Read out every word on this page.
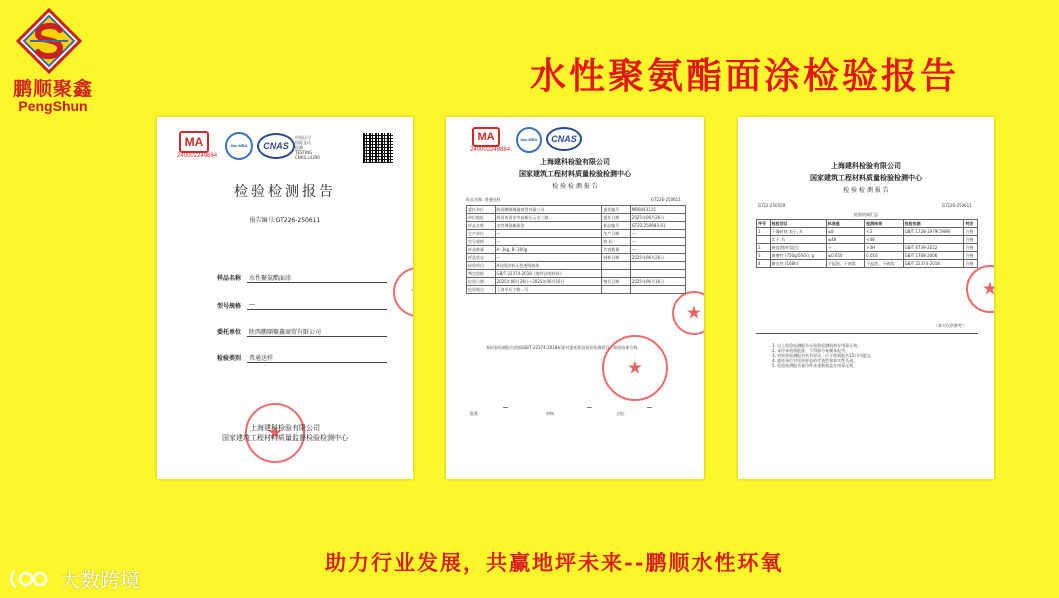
鹏顺聚鑫
PengShun
水性聚氨酯面涂检验报告
MA
240002249884
ilac-MRA	CNAS
中国认可
国际互认
检测
TESTING
CNAS L4390
检验检测报告
报告编号:GT226-250611
样品名称	水性聚氨酯面涂
型号规格	—
委托单位	陕西鹏顺聚鑫商贸有限公司
检验类别	普通送样
★
★
上海建科检验有限公司
国家建筑工程材料质量监督检验检测中心
MA
240002249884
ilac-MRA	CNAS
上海建科检验有限公司
国家建筑工程材料质量检验检测中心
检 验 检 测 报 告
样品名称: 普通送样	GT226-250611
委托单位	陕西鹏顺聚鑫商贸有限公司	委托编号	MB0043115
单位地址	陕西省西安市高新区云水三路...	委托日期	2025年06月26日
样品名称	水性聚氨酯面涂	样品编号	GT22-250683-01
生产单位	—	生产日期	—
型号规格	—	商 标	—
样品数量	A: 1kg, B: 200g	代表数量	—
样品状态	—	到样日期	2025年06月26日
检验项目	A双组涂料无色透明液体		
判定依据	GB/T 22374-2018《地坪涂装材料》		
检验日期	2025年06月26日~2025年06月16日	签发日期	2025年06月16日
检验地点	上海市长宁路...号		
本检验检测报告依据GB/T 22374-2018标准对委托样品检验检测项目，检验结果合格。
★
★
批准：	审核：	主检：
~	~	~
上海建科检验有限公司
国家建筑工程材料质量检验检测中心
检 验 检 测 报 告
GT22-250559	GT226-250611
检验结果汇总
序号	检验项目	标准值	检测结果	检验依据	判定
1	干燥时间 表干, h	≤8	<3	GB/T 1728-1979(1989)	合格
	实干, h	≤48	<48		合格
2	硬度(摆杆阻尼)	—	>3H	GB/T 6739-2022	合格
3	耐磨性 (750g/500r), g	≤0.050	0.016	GB/T 1768-2006	合格
4	耐水性 (168h)	不起泡、不剥落	不起泡、不剥落	GB/T 22374-2018	合格
（本页仅供参考）
1. 以上检验检测报告无检验检测机构专用章无效。
2. 未经本机构批准，不得部分复制本报告。
3. 对检验检测报告若有异议，应于收到报告15日内提出。
4. 委托单位对送检样品的代表性和真实性负责。
5. 检验检测报告复印件未重新加盖专用章无效。
★
助力行业发展，共赢地坪未来--鹏顺水性环氧
大数跨境
